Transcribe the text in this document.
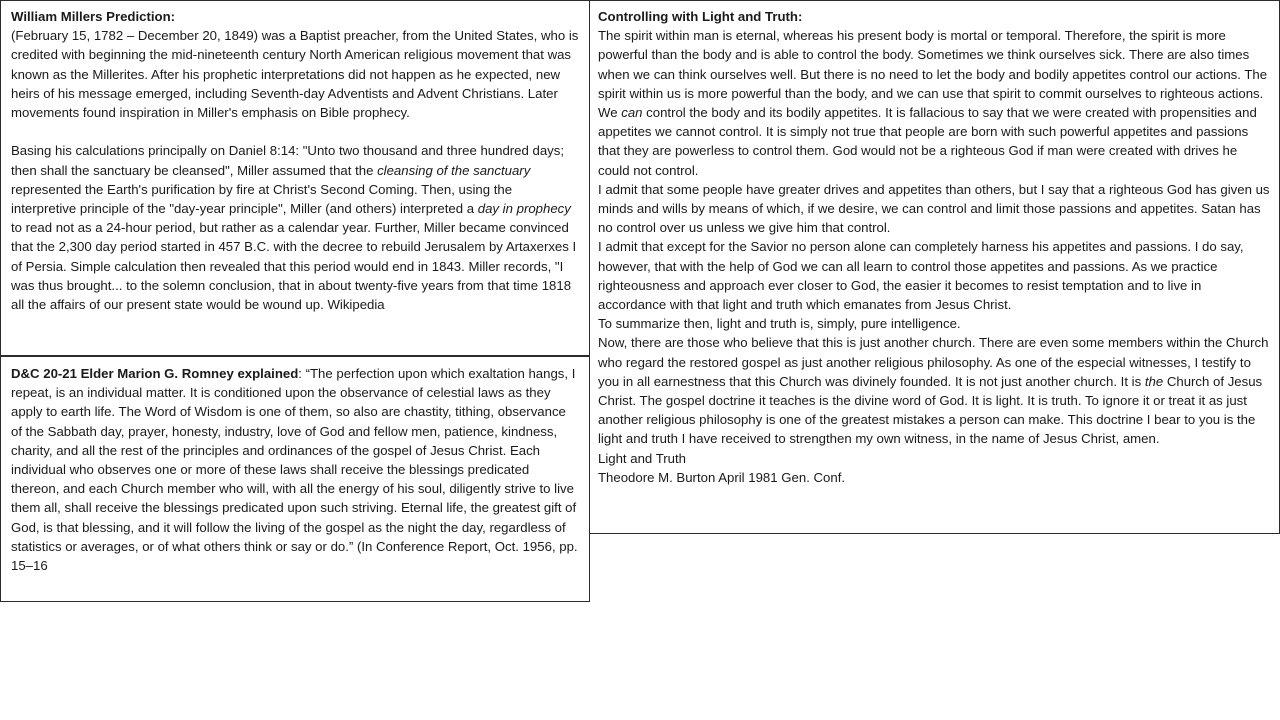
William Millers Prediction:

(February 15, 1782 – December 20, 1849) was a Baptist preacher, from the United States, who is credited with beginning the mid-nineteenth century North American religious movement that was known as the Millerites. After his prophetic interpretations did not happen as he expected, new heirs of his message emerged, including Seventh-day Adventists and Advent Christians. Later movements found inspiration in Miller's emphasis on Bible prophecy.

Basing his calculations principally on Daniel 8:14: "Unto two thousand and three hundred days; then shall the sanctuary be cleansed", Miller assumed that the cleansing of the sanctuary represented the Earth's purification by fire at Christ's Second Coming. Then, using the interpretive principle of the "day-year principle", Miller (and others) interpreted a day in prophecy to read not as a 24-hour period, but rather as a calendar year. Further, Miller became convinced that the 2,300 day period started in 457 B.C. with the decree to rebuild Jerusalem by Artaxerxes I of Persia. Simple calculation then revealed that this period would end in 1843. Miller records, "I was thus brought... to the solemn conclusion, that in about twenty-five years from that time 1818 all the affairs of our present state would be wound up. Wikipedia

D&C 20-21 Elder Marion G. Romney explained: “The perfection upon which exaltation hangs, I repeat, is an individual matter. It is conditioned upon the observance of celestial laws as they apply to earth life. The Word of Wisdom is one of them, so also are chastity, tithing, observance of the Sabbath day, prayer, honesty, industry, love of God and fellow men, patience, kindness, charity, and all the rest of the principles and ordinances of the gospel of Jesus Christ. Each individual who observes one or more of these laws shall receive the blessings predicated thereon, and each Church member who will, with all the energy of his soul, diligently strive to live them all, shall receive the blessings predicated upon such striving. Eternal life, the greatest gift of God, is that blessing, and it will follow the living of the gospel as the night the day, regardless of statistics or averages, or of what others think or say or do.” (In Conference Report, Oct. 1956, pp. 15–16

Controlling with Light and Truth:

The spirit within man is eternal, whereas his present body is mortal or temporal. Therefore, the spirit is more powerful than the body and is able to control the body. Sometimes we think ourselves sick. There are also times when we can think ourselves well. But there is no need to let the body and bodily appetites control our actions. The spirit within us is more powerful than the body, and we can use that spirit to commit ourselves to righteous actions. We can control the body and its bodily appetites. It is fallacious to say that we were created with propensities and appetites we cannot control. It is simply not true that people are born with such powerful appetites and passions that they are powerless to control them. God would not be a righteous God if man were created with drives he could not control.

I admit that some people have greater drives and appetites than others, but I say that a righteous God has given us minds and wills by means of which, if we desire, we can control and limit those passions and appetites. Satan has no control over us unless we give him that control.

I admit that except for the Savior no person alone can completely harness his appetites and passions. I do say, however, that with the help of God we can all learn to control those appetites and passions. As we practice righteousness and approach ever closer to God, the easier it becomes to resist temptation and to live in accordance with that light and truth which emanates from Jesus Christ.

To summarize then, light and truth is, simply, pure intelligence.

Now, there are those who believe that this is just another church. There are even some members within the Church who regard the restored gospel as just another religious philosophy. As one of the especial witnesses, I testify to you in all earnestness that this Church was divinely founded. It is not just another church. It is the Church of Jesus Christ. The gospel doctrine it teaches is the divine word of God. It is light. It is truth. To ignore it or treat it as just another religious philosophy is one of the greatest mistakes a person can make. This doctrine I bear to you is the light and truth I have received to strengthen my own witness, in the name of Jesus Christ, amen.

Light and Truth

Theodore M. Burton April 1981 Gen. Conf.
